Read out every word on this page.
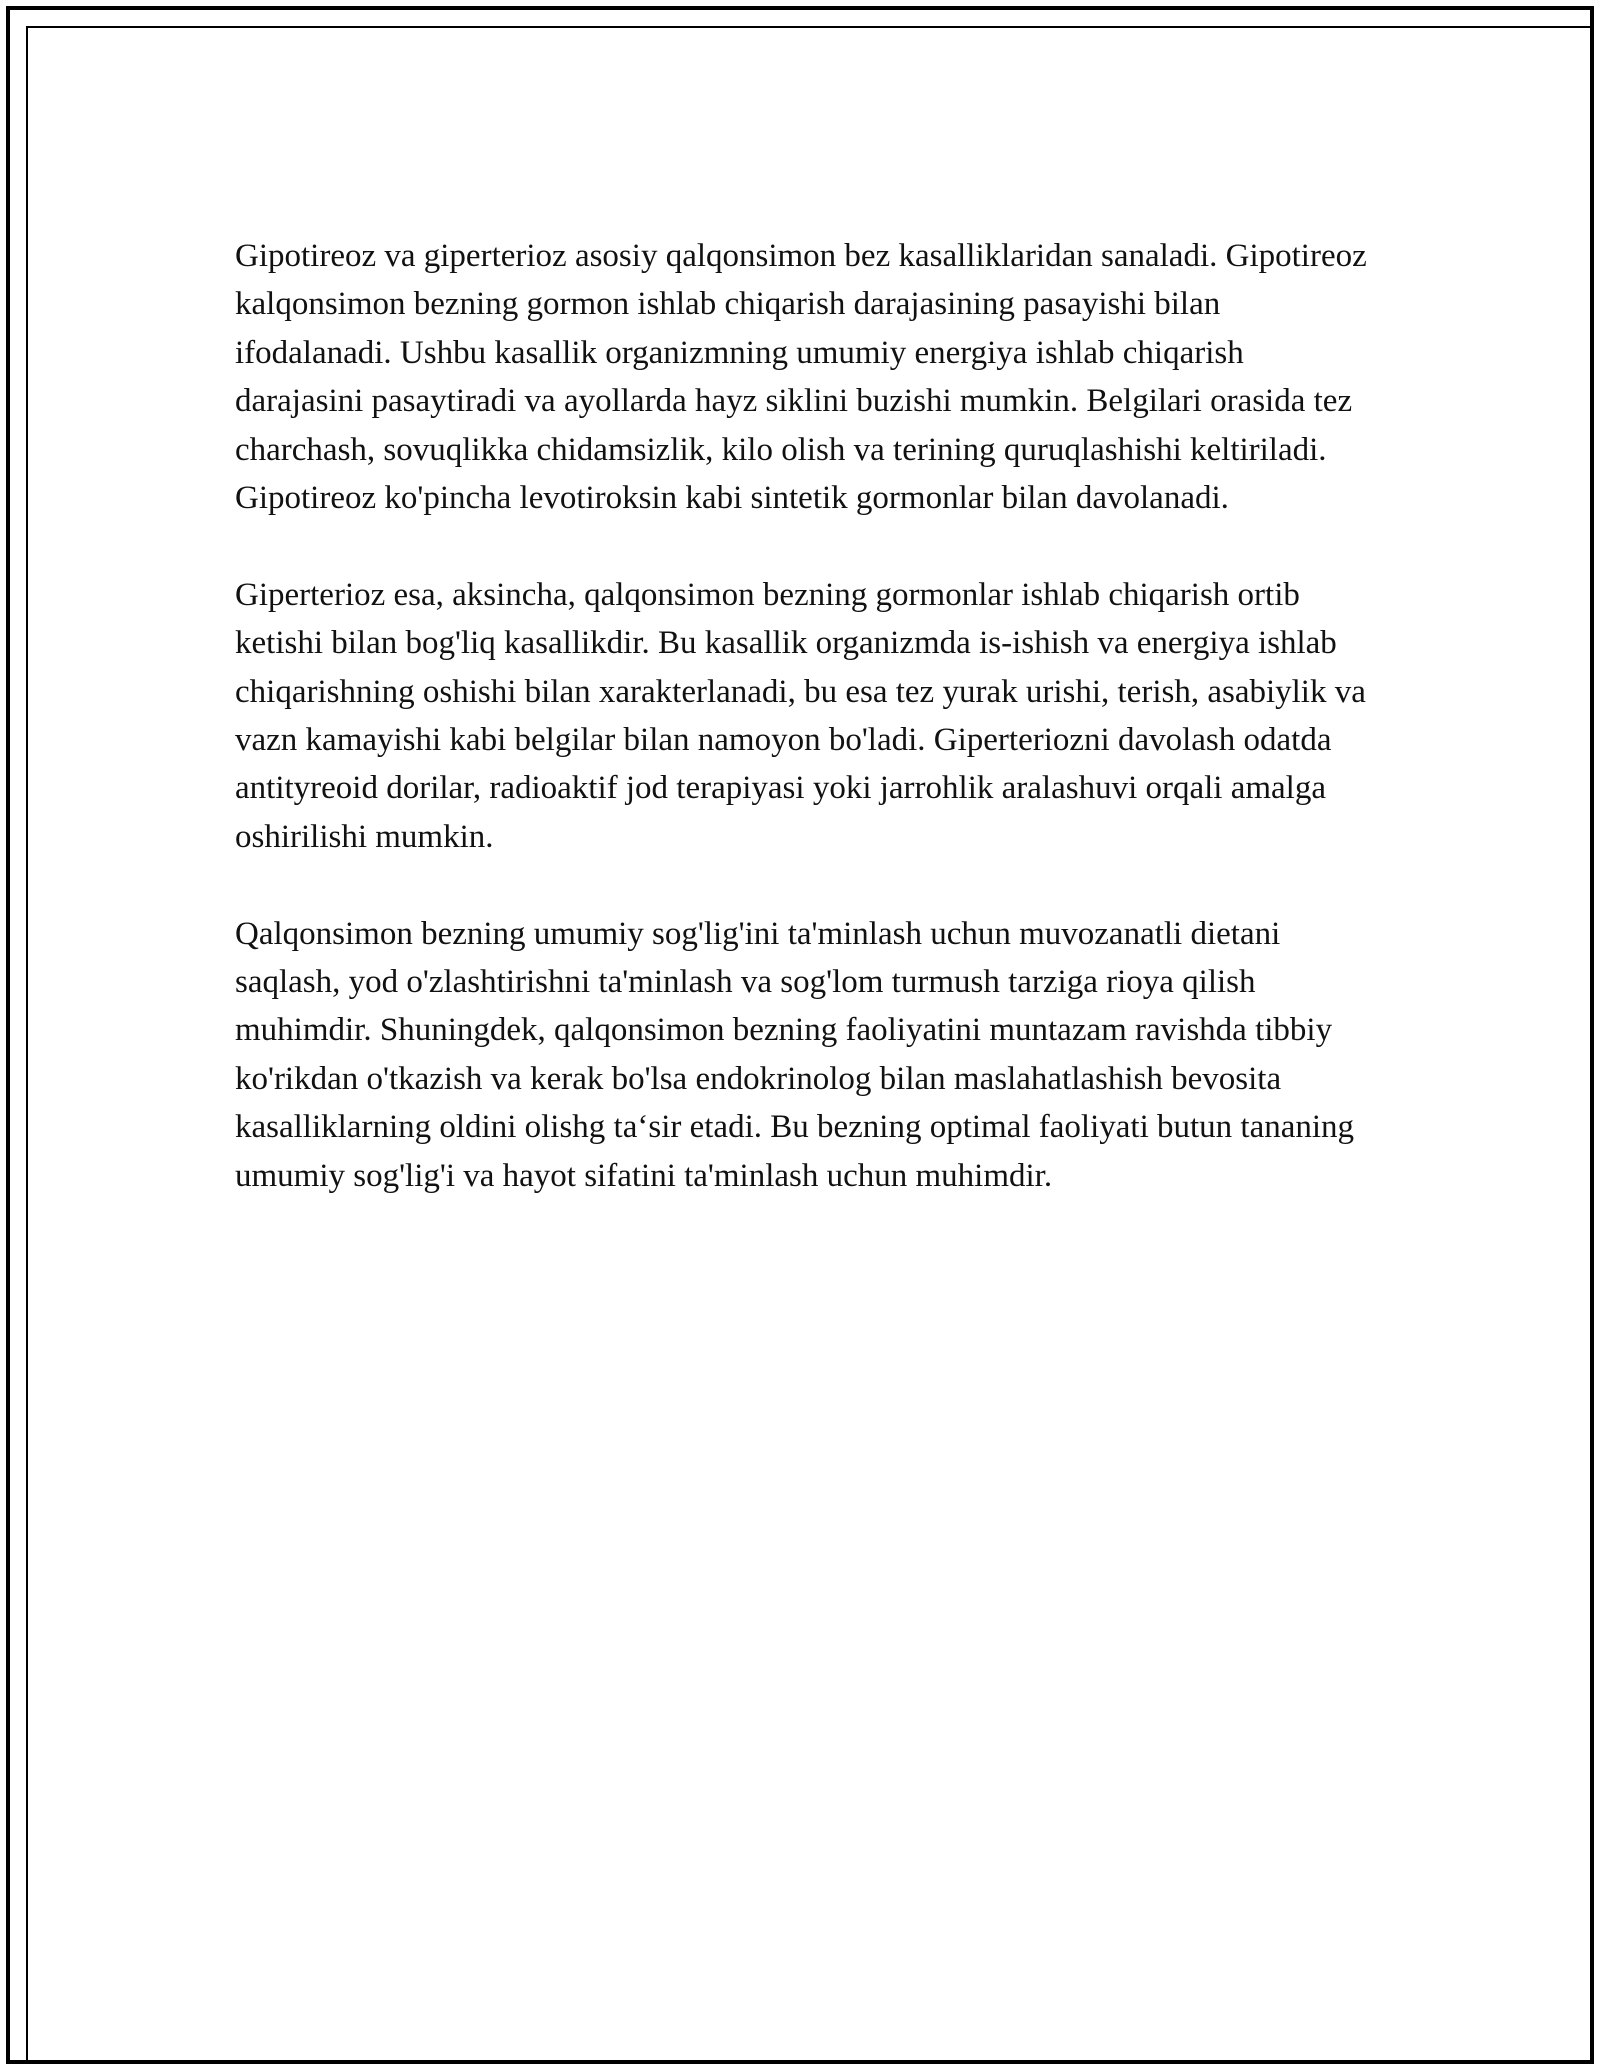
Gipotireoz va giperterioz asosiy qalqonsimon bez kasalliklaridan sanaladi. Gipotireoz kalqonsimon bezning gormon ishlab chiqarish darajasining pasayishi bilan ifodalanadi. Ushbu kasallik organizmning umumiy energiya ishlab chiqarish darajasini pasaytiradi va ayollarda hayz siklini buzishi mumkin. Belgilari orasida tez charchash, sovuqlikka chidamsizlik, kilo olish va terining quruqlashishi keltiriladi. Gipotireoz ko'pincha levotiroksin kabi sintetik gormonlar bilan davolanadi.

Giperterioz esa, aksincha, qalqonsimon bezning gormonlar ishlab chiqarish ortib ketishi bilan bog'liq kasallikdir. Bu kasallik organizmda is-ishish va energiya ishlab chiqarishning oshishi bilan xarakterlanadi, bu esa tez yurak urishi, terish, asabiylik va vazn kamayishi kabi belgilar bilan namoyon bo'ladi. Giperteriozni davolash odatda antityreoid dorilar, radioaktif jod terapiyasi yoki jarrohlik aralashuvi orqali amalga oshirilishi mumkin.

Qalqonsimon bezning umumiy sog'lig'ini ta'minlash uchun muvozanatli dietani saqlash, yod o'zlashtirishni ta'minlash va sog'lom turmush tarziga rioya qilish muhimdir. Shuningdek, qalqonsimon bezning faoliyatini muntazam ravishda tibbiy ko'rikdan o'tkazish va kerak bo'lsa endokrinolog bilan maslahatlashish bevosita kasalliklarning oldini olishg ta‘sir etadi. Bu bezning optimal faoliyati butun tananing umumiy sog'lig'i va hayot sifatini ta'minlash uchun muhimdir.
